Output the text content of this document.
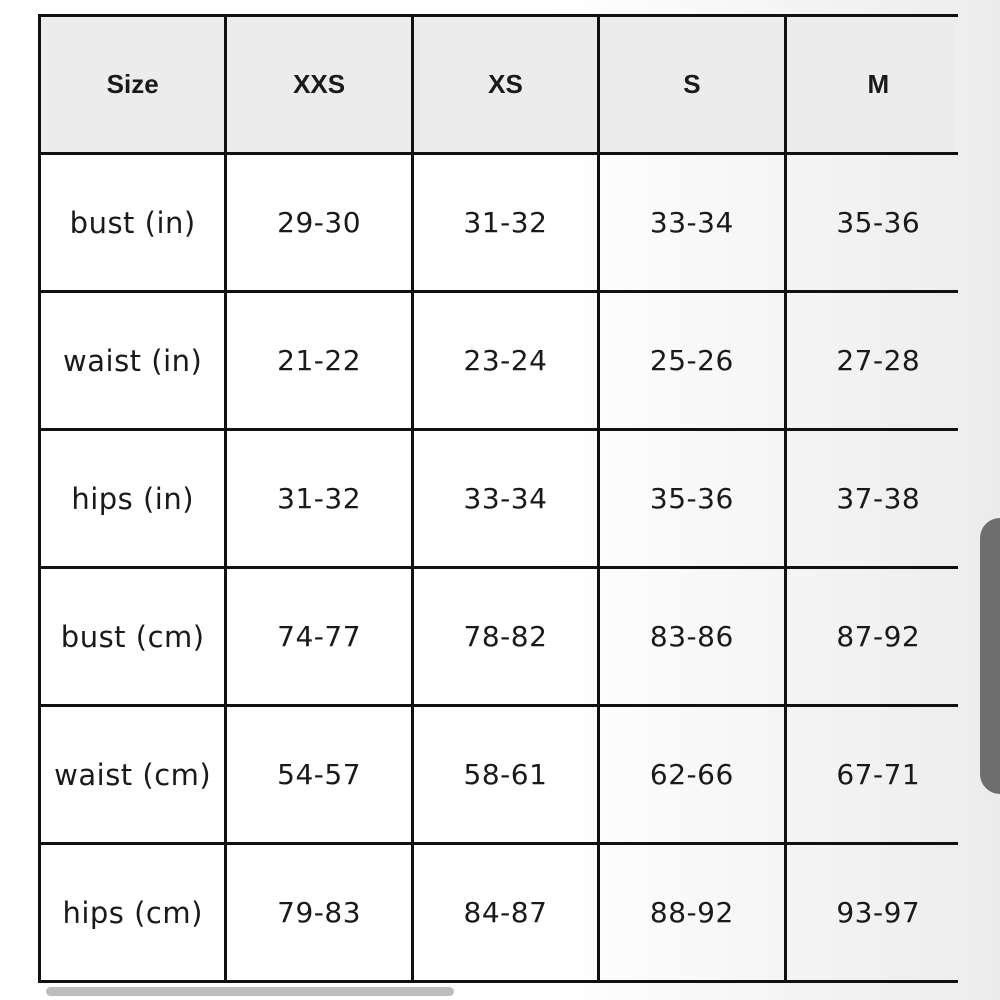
Size	XXS	XS	S	M
bust (in)	29-30	31-32	33-34	35-36
waist (in)	21-22	23-24	25-26	27-28
hips (in)	31-32	33-34	35-36	37-38
bust (cm)	74-77	78-82	83-86	87-92
waist (cm)	54-57	58-61	62-66	67-71
hips (cm)	79-83	84-87	88-92	93-97
